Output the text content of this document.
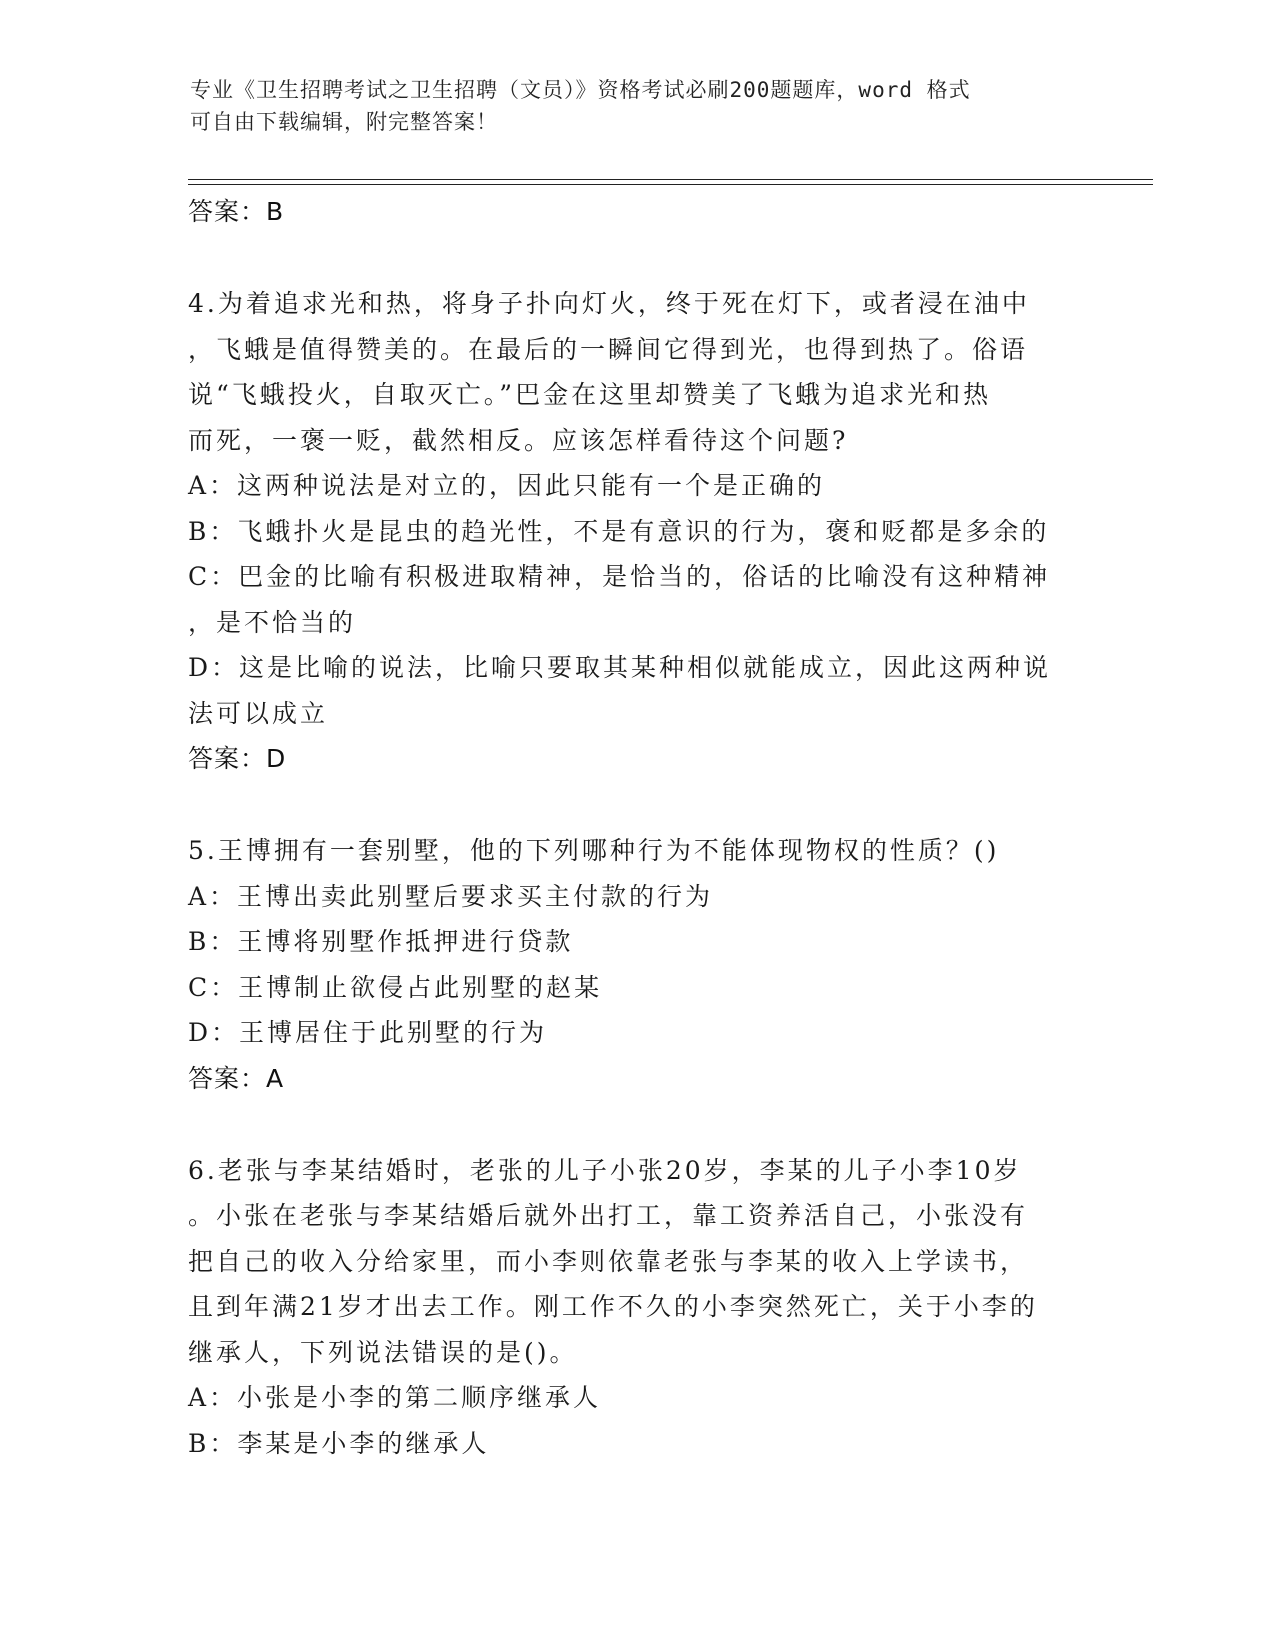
专业《卫生招聘考试之卫生招聘（文员）》资格考试必刷200题题库，word 格式
可自由下载编辑，附完整答案！
答案：B
4.为着追求光和热，将身子扑向灯火，终于死在灯下，或者浸在油中
，飞蛾是值得赞美的。在最后的一瞬间它得到光，也得到热了。俗语
说“飞蛾投火，自取灭亡。”巴金在这里却赞美了飞蛾为追求光和热
而死，一褒一贬，截然相反。应该怎样看待这个问题?
A：这两种说法是对立的，因此只能有一个是正确的
B：飞蛾扑火是昆虫的趋光性，不是有意识的行为，褒和贬都是多余的
C：巴金的比喻有积极进取精神，是恰当的，俗话的比喻没有这种精神
，是不恰当的
D：这是比喻的说法，比喻只要取其某种相似就能成立，因此这两种说
法可以成立
答案：D
5.王博拥有一套别墅，他的下列哪种行为不能体现物权的性质？()
A：王博出卖此别墅后要求买主付款的行为
B：王博将别墅作抵押进行贷款
C：王博制止欲侵占此别墅的赵某
D：王博居住于此别墅的行为
答案：A
6.老张与李某结婚时，老张的儿子小张20岁，李某的儿子小李10岁
。小张在老张与李某结婚后就外出打工，靠工资养活自己，小张没有
把自己的收入分给家里，而小李则依靠老张与李某的收入上学读书，
且到年满21岁才出去工作。刚工作不久的小李突然死亡，关于小李的
继承人，下列说法错误的是()。
A：小张是小李的第二顺序继承人
B：李某是小李的继承人
